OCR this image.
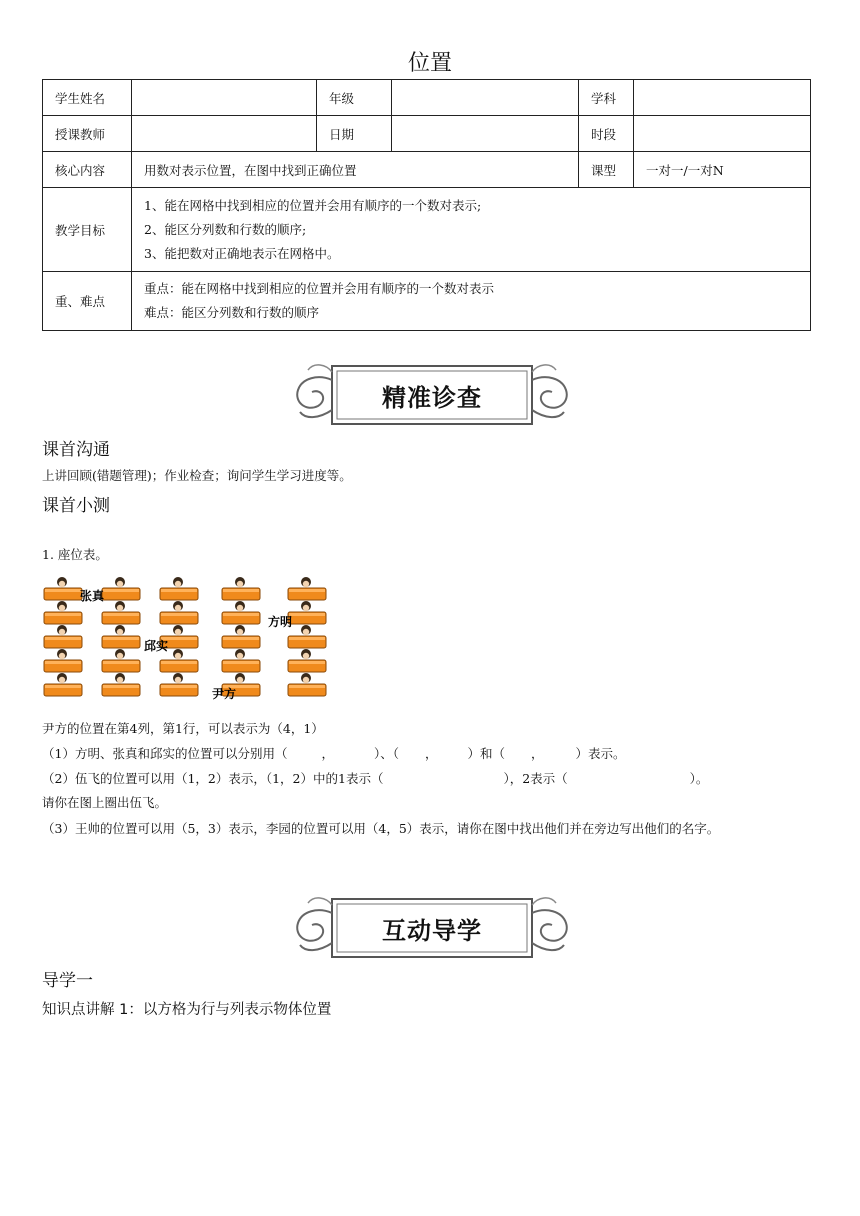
位置
学生姓名		年级		学科	
授课教师		日期		时段	
核心内容	用数对表示位置，在图中找到正确位置			课型	一对一/一对N
教学目标	1、能在网格中找到相应的位置并会用有顺序的一个数对表示;
2、能区分列数和行数的顺序;
3、能把数对正确地表示在网格中。				

重、难点	重点：能在网格中找到相应的位置并会用有顺序的一个数对表示
难点：能区分列数和行数的顺序				
精准诊查
课首沟通
上讲回顾(错题管理)；作业检查；询问学生学习进度等。
课首小测
1. 座位表。
张真
方明
邱实
尹方
尹方的位置在第4列，第1行，可以表示为（4，1）
（1）方明、张真和邱实的位置可以分别用（	，	）、（ ， ）和（ ，	）表示。
（2）伍飞的位置可以用（1，2）表示，（1，2）中的1表示（	），2表示（	）。
请你在图上圈出伍飞。
（3）王帅的位置可以用（5，3）表示，李园的位置可以用（4，5）表示，请你在图中找出他们并在旁边写出他们的名字。
互动导学
导学一
知识点讲解 1：以方格为行与列表示物体位置
